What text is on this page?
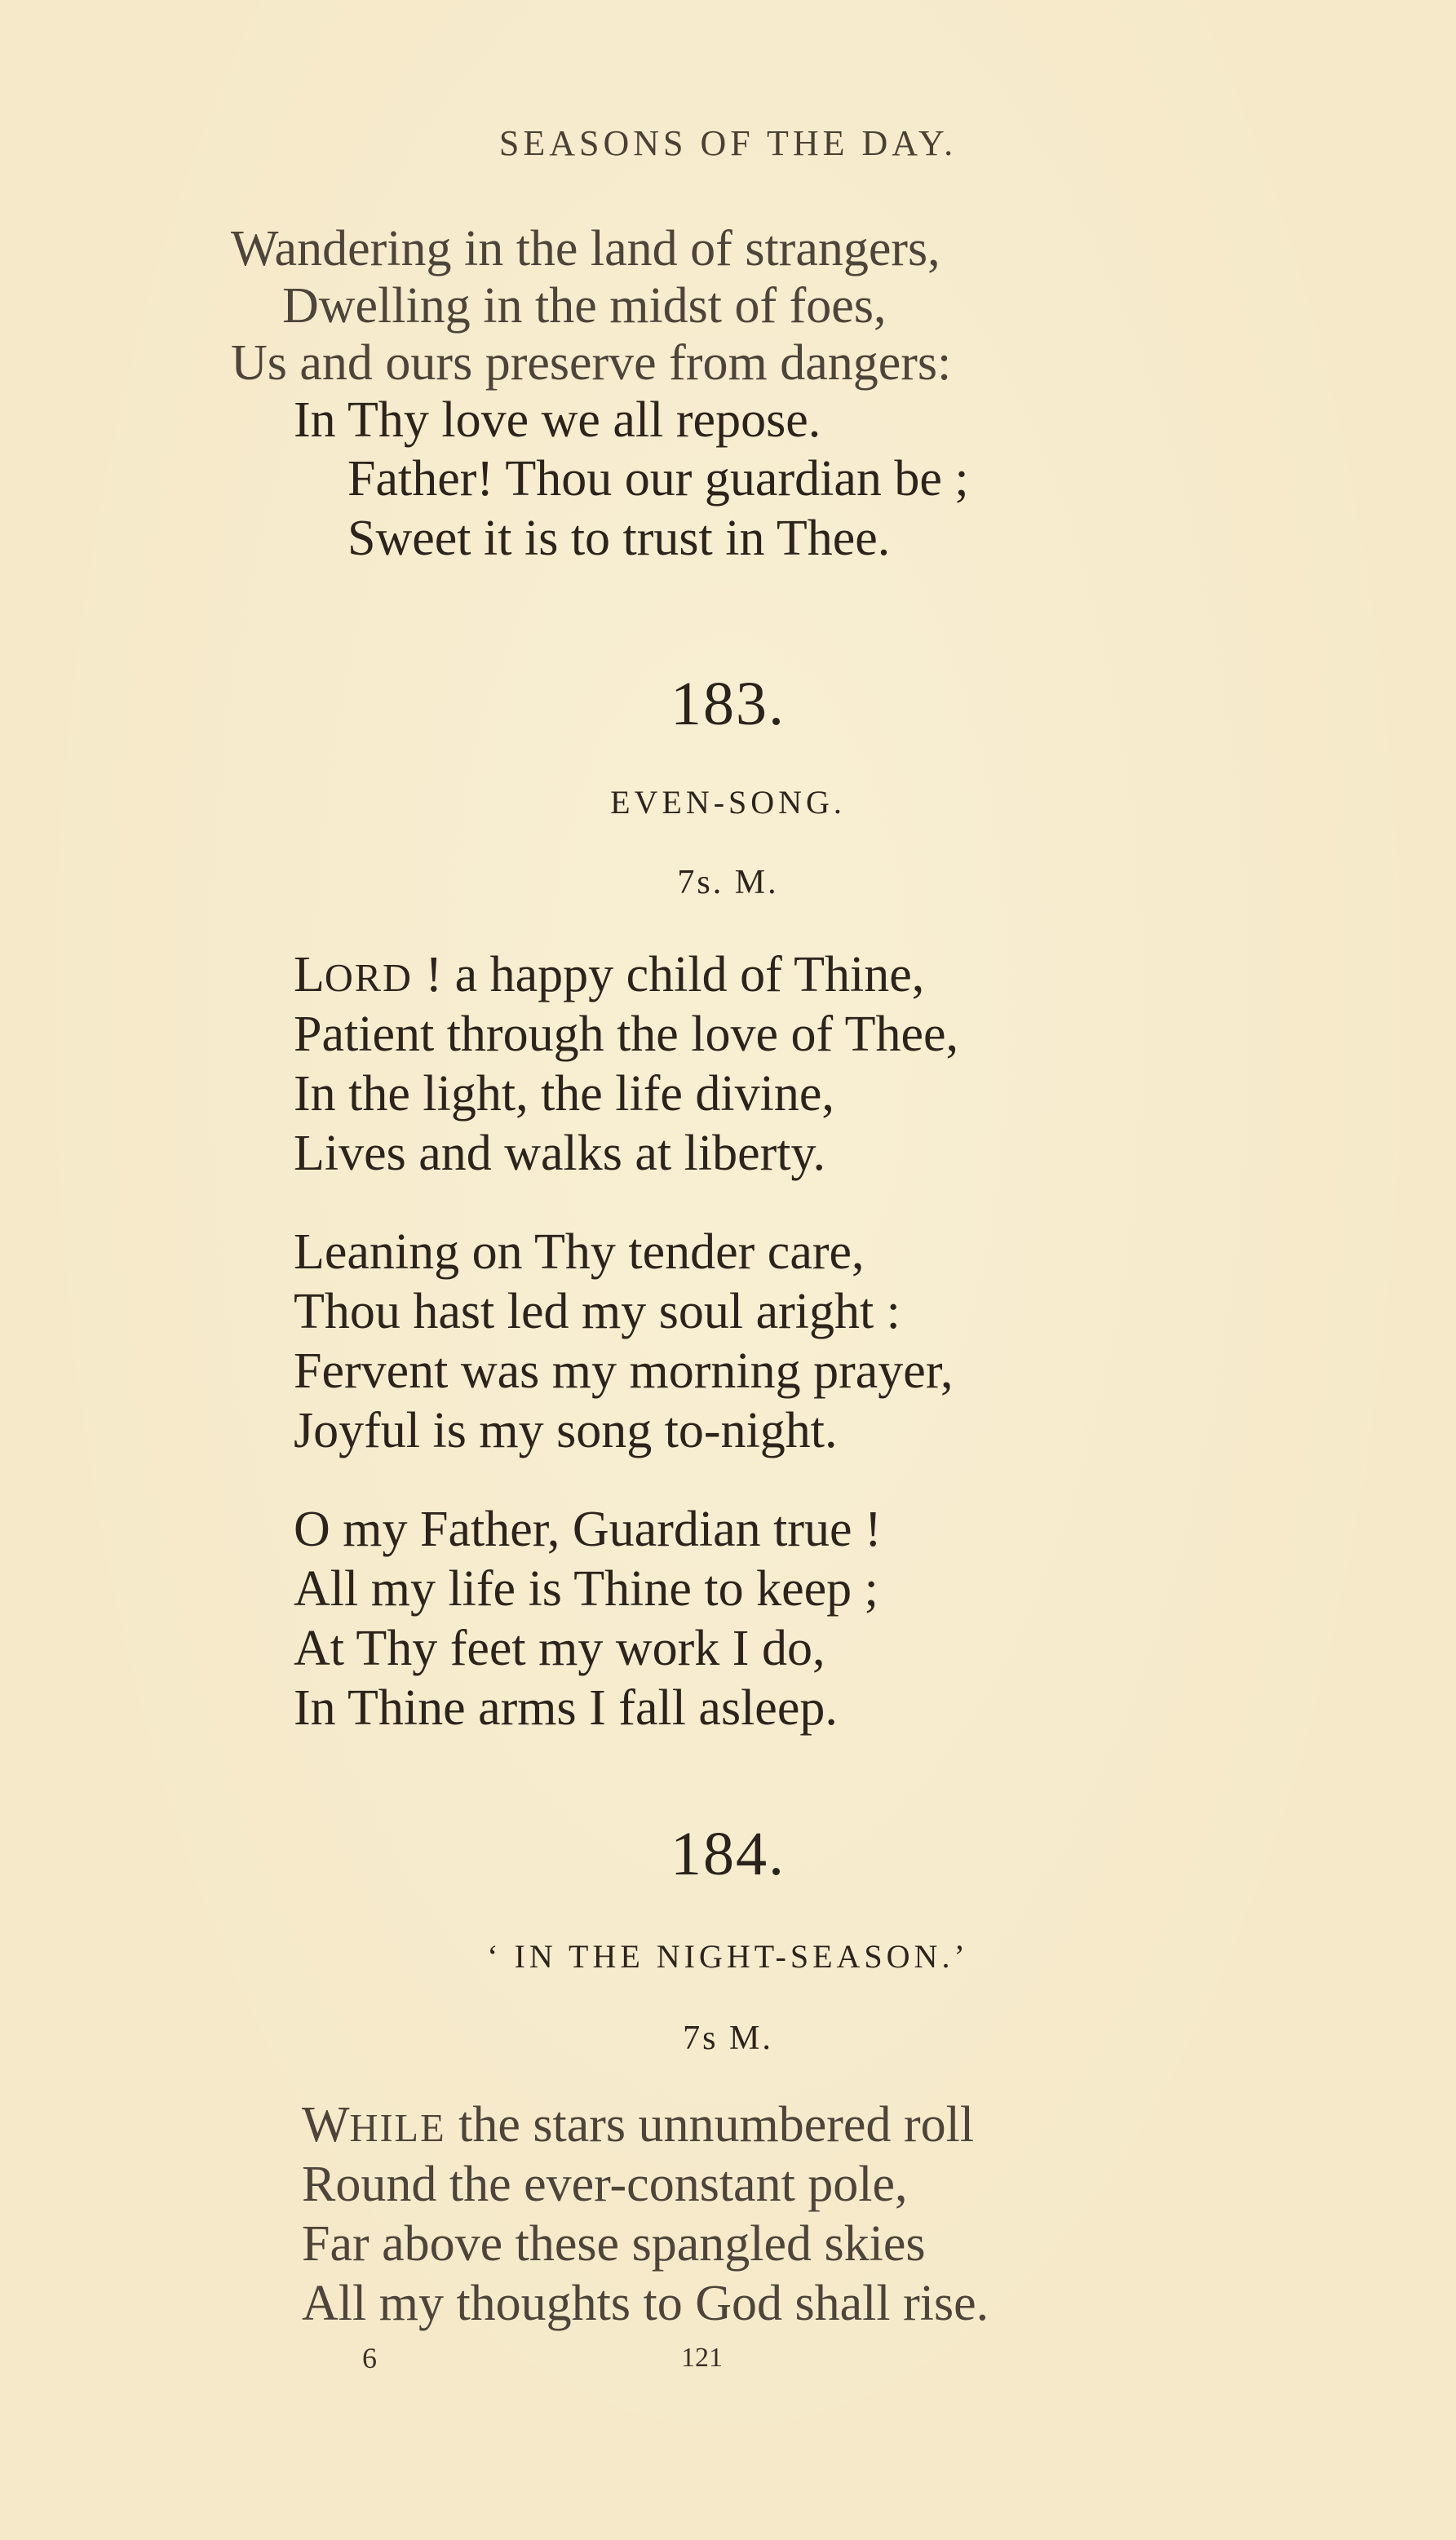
SEASONS OF THE DAY.
Wandering in the land of strangers,
Dwelling in the midst of foes,
Us and ours preserve from dangers:
In Thy love we all repose.
Father! Thou our guardian be ;
Sweet it is to trust in Thee.
183.
EVEN-SONG.
7s. M.
LORD ! a happy child of Thine,
Patient through the love of Thee,
In the light, the life divine,
Lives and walks at liberty.
Leaning on Thy tender care,
Thou hast led my soul aright :
Fervent was my morning prayer,
Joyful is my song to-night.
O my Father, Guardian true !
All my life is Thine to keep ;
At Thy feet my work I do,
In Thine arms I fall asleep.
184.
‘ IN THE NIGHT-SEASON.’
7s M.
WHILE the stars unnumbered roll
Round the ever-constant pole,
Far above these spangled skies
All my thoughts to God shall rise.
6	121
